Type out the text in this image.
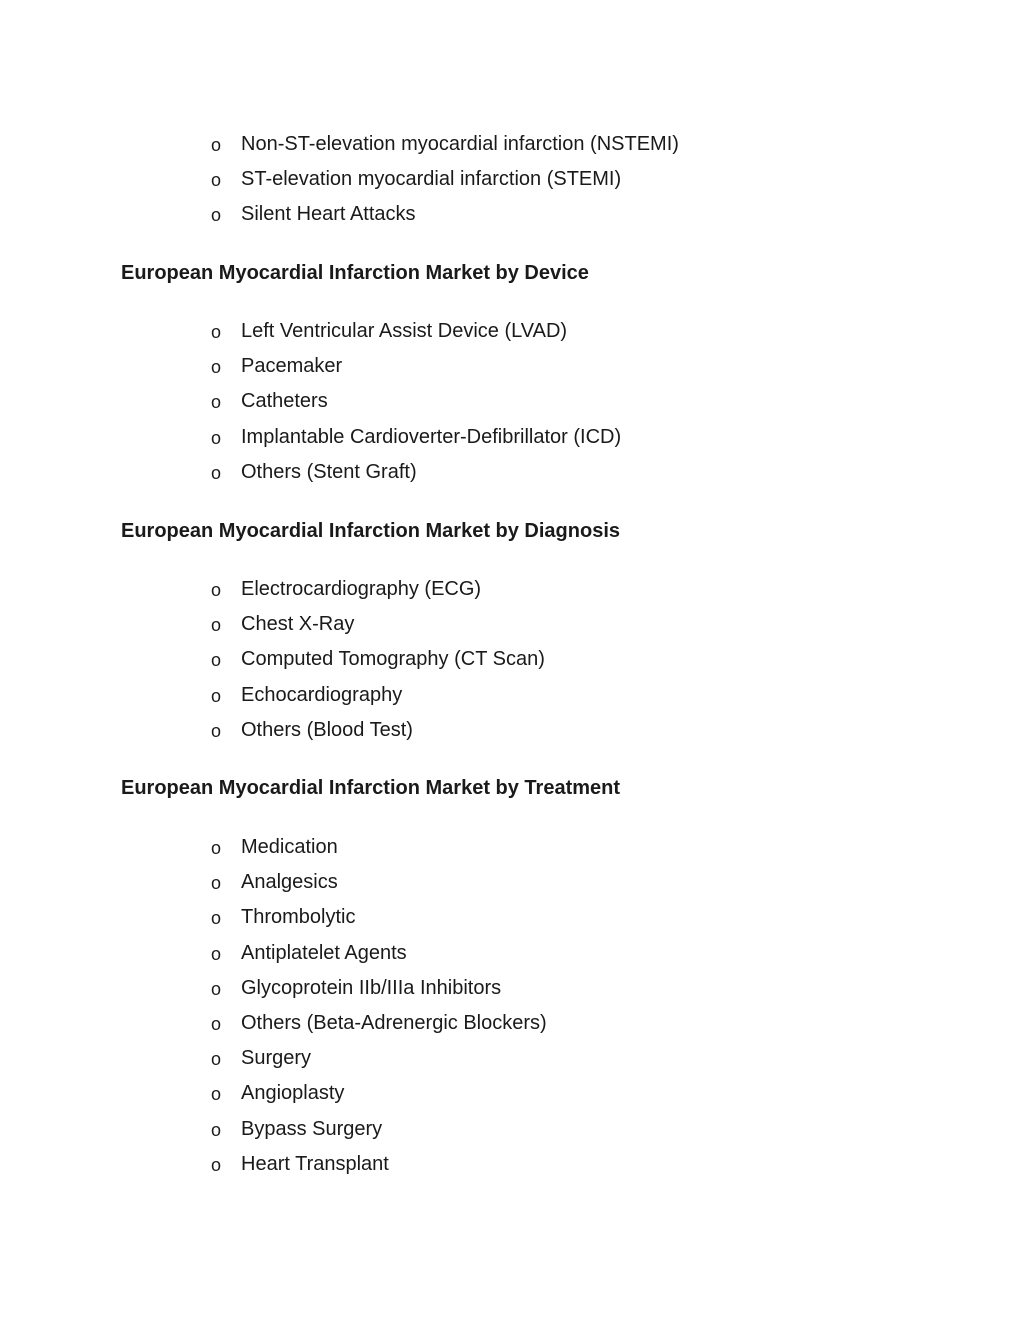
o Non-ST-elevation myocardial infarction (NSTEMI)
o ST-elevation myocardial infarction (STEMI)
o Silent Heart Attacks
European Myocardial Infarction Market by Device
o Left Ventricular Assist Device (LVAD)
o Pacemaker
o Catheters
o Implantable Cardioverter-Defibrillator (ICD)
o Others (Stent Graft)
European Myocardial Infarction Market by Diagnosis
o Electrocardiography (ECG)
o Chest X-Ray
o Computed Tomography (CT Scan)
o Echocardiography
o Others (Blood Test)
European Myocardial Infarction Market by Treatment
o Medication
o Analgesics
o Thrombolytic
o Antiplatelet Agents
o Glycoprotein IIb/IIIa Inhibitors
o Others (Beta-Adrenergic Blockers)
o Surgery
o Angioplasty
o Bypass Surgery
o Heart Transplant
